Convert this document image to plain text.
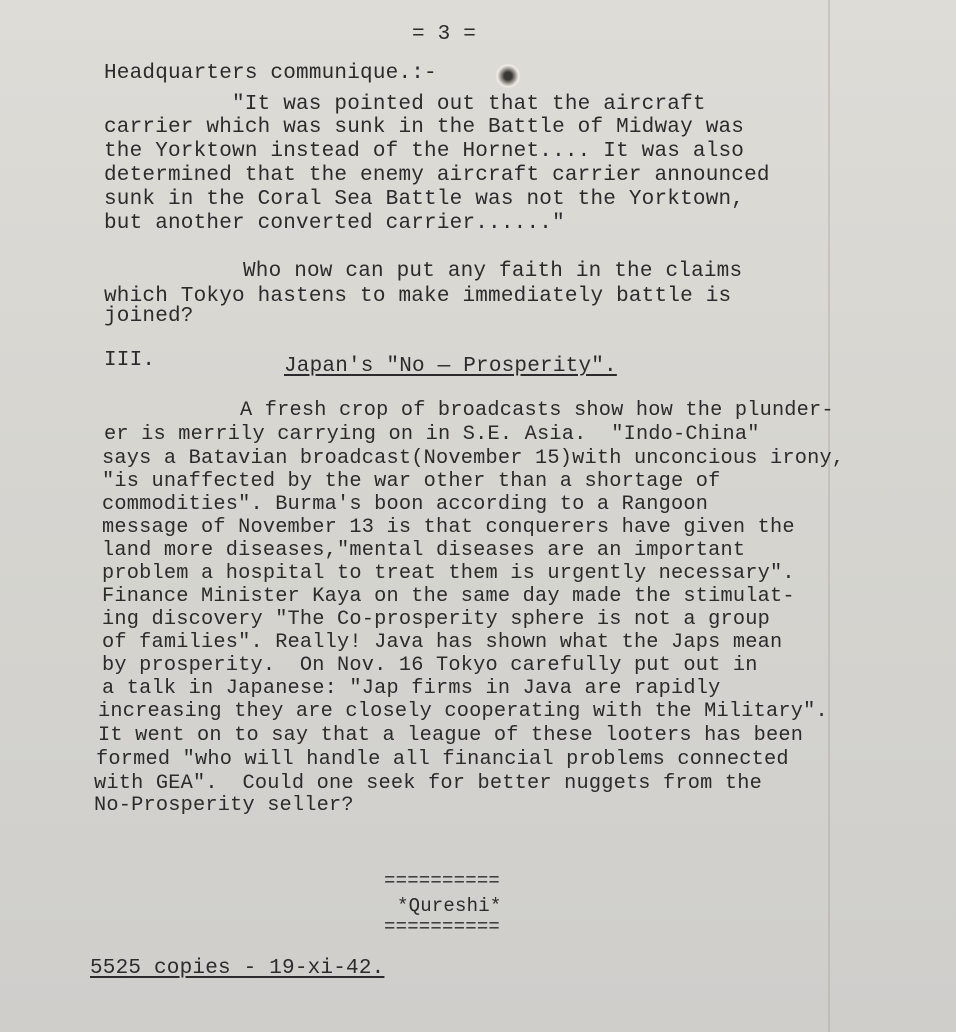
= 3 =
Headquarters communique.:-
"It was pointed out that the aircraft
carrier which was sunk in the Battle of Midway was
the Yorktown instead of the Hornet.... It was also
determined that the enemy aircraft carrier announced
sunk in the Coral Sea Battle was not the Yorktown,
but another converted carrier......"
Who now can put any faith in the claims
which Tokyo hastens to make immediately battle is
joined?
III.	Japan's "No — Prosperity".
A fresh crop of broadcasts show how the plunder-
er is merrily carrying on in S.E. Asia.  "Indo-China"
says a Batavian broadcast(November 15)with unconcious irony,
"is unaffected by the war other than a shortage of
commodities". Burma's boon according to a Rangoon
message of November 13 is that conquerers have given the
land more diseases,"mental diseases are an important
problem a hospital to treat them is urgently necessary".
Finance Minister Kaya on the same day made the stimulat-
ing discovery "The Co-prosperity sphere is not a group
of families". Really! Java has shown what the Japs mean
by prosperity.  On Nov. 16 Tokyo carefully put out in
a talk in Japanese: "Jap firms in Java are rapidly
increasing they are closely cooperating with the Military".
It went on to say that a league of these looters has been
formed "who will handle all financial problems connected
with GEA".  Could one seek for better nuggets from the
No-Prosperity seller?
==========
*Qureshi*
==========
5525 copies - 19-xi-42.
